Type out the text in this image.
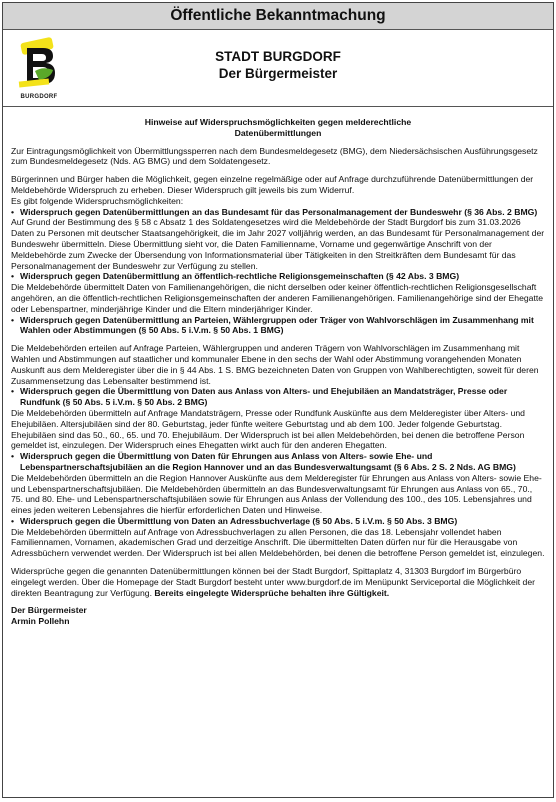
Öffentliche Bekanntmachung
BURGDORF
STADT BURGDORF
Der Bürgermeister
Hinweise auf Widerspruchsmöglichkeiten gegen melderechtliche
Datenübermittlungen

Zur Eintragungsmöglichkeit von Übermittlungssperren nach dem Bundesmeldegesetz (BMG), dem Niedersächsischen Ausführungsgesetz zum Bundesmeldegesetz (Nds. AG BMG) und dem Soldatengesetz.

Bürgerinnen und Bürger haben die Möglichkeit, gegen einzelne regelmäßige oder auf Anfrage durchzuführende Datenübermittlungen der Meldebehörde Widerspruch zu erheben. Dieser Widerspruch gilt jeweils bis zum Widerruf.

Es gibt folgende Widerspruchsmöglichkeiten:

• Widerspruch gegen Datenübermittlungen an das Bundesamt für das Personalmanagement der Bundeswehr (§ 36 Abs. 2 BMG)

Auf Grund der Bestimmung des § 58 c Absatz 1 des Soldatengesetzes wird die Meldebehörde der Stadt Burgdorf bis zum 31.03.2026 Daten zu Personen mit deutscher Staatsangehörigkeit, die im Jahr 2027 volljährig werden, an das Bundesamt für Personalmanagement der Bundeswehr übermitteln. Diese Übermittlung sieht vor, die Daten Familienname, Vorname und gegenwärtige Anschrift von der Meldebehörde zum Zwecke der Übersendung von Informationsmaterial über Tätigkeiten in den Streitkräften dem Bundesamt für das Personalmanagement der Bundeswehr zur Verfügung zu stellen.

• Widerspruch gegen Datenübermittlung an öffentlich-rechtliche Religionsgemeinschaften (§ 42 Abs. 3 BMG)

Die Meldebehörde übermittelt Daten von Familienangehörigen, die nicht derselben oder keiner öffentlich-rechtlichen Religionsgesellschaft angehören, an die öffentlich-rechtlichen Religionsgemeinschaften der anderen Familienangehörigen. Familienangehörige sind der Ehegatte oder Lebenspartner, minderjährige Kinder und die Eltern minderjähriger Kinder.

• Widerspruch gegen Datenübermittlung an Parteien, Wählergruppen oder Träger von Wahlvorschlägen im Zusammenhang mit Wahlen oder Abstimmungen (§ 50 Abs. 5 i.V.m. § 50 Abs. 1 BMG)

Die Meldebehörden erteilen auf Anfrage Parteien, Wählergruppen und anderen Trägern von Wahlvorschlägen im Zusammenhang mit Wahlen und Abstimmungen auf staatlicher und kommunaler Ebene in den sechs der Wahl oder Abstimmung vorangehenden Monaten Auskunft aus dem Melderegister über die in § 44 Abs. 1 S. BMG bezeichneten Daten von Gruppen von Wahlberechtigten, soweit für deren Zusammensetzung das Lebensalter bestimmend ist.

• Widerspruch gegen die Übermittlung von Daten aus Anlass von Alters- und Ehejubiläen an Mandatsträger, Presse oder Rundfunk (§ 50 Abs. 5 i.V.m. § 50 Abs. 2 BMG)

Die Meldebehörden übermitteln auf Anfrage Mandatsträgern, Presse oder Rundfunk Auskünfte aus dem Melderegister über Alters- und Ehejubiläen. Altersjubiläen sind der 80. Geburtstag, jeder fünfte weitere Geburtstag und ab dem 100. Jeder folgende Geburtstag. Ehejubiläen sind das 50., 60., 65. und 70. Ehejubiläum. Der Widerspruch ist bei allen Meldebehörden, bei denen die betroffene Person gemeldet ist, einzulegen. Der Widerspruch eines Ehegatten wirkt auch für den anderen Ehegatten.

• Widerspruch gegen die Übermittlung von Daten für Ehrungen aus Anlass von Alters- sowie Ehe- und Lebenspartnerschaftsjubiläen an die Region Hannover und an das Bundesverwaltungsamt (§ 6 Abs. 2 S. 2 Nds. AG BMG)

Die Meldebehörden übermitteln an die Region Hannover Auskünfte aus dem Melderegister für Ehrungen aus Anlass von Alters- sowie Ehe- und Lebenspartnerschaftsjubiläen. Die Meldebehörden übermitteln an das Bundesverwaltungsamt für Ehrungen aus Anlass von 65., 70., 75. und 80. Ehe- und Lebenspartnerschaftsjubiläen sowie für Ehrungen aus Anlass der Vollendung des 100., des 105. Lebensjahres und eines jeden weiteren Lebensjahres die hierfür erforderlichen Daten und Hinweise.

• Widerspruch gegen die Übermittlung von Daten an Adressbuchverlage (§ 50 Abs. 5 i.V.m. § 50 Abs. 3 BMG)

Die Meldebehörden übermitteln auf Anfrage von Adressbuchverlagen zu allen Personen, die das 18. Lebensjahr vollendet haben Familiennamen, Vornamen, akademischen Grad und derzeitige Anschrift. Die übermittelten Daten dürfen nur für die Herausgabe von Adressbüchern verwendet werden. Der Widerspruch ist bei allen Meldebehörden, bei denen die betroffene Person gemeldet ist, einzulegen.

Widersprüche gegen die genannten Datenübermittlungen können bei der Stadt Burgdorf, Spittaplatz 4, 31303 Burgdorf im Bürgerbüro eingelegt werden. Über die Homepage der Stadt Burgdorf besteht unter www.burgdorf.de im Menüpunkt Serviceportal die Möglichkeit der direkten Beantragung zur Verfügung. Bereits eingelegte Widersprüche behalten ihre Gültigkeit.

Der Bürgermeister
Armin Pollehn
